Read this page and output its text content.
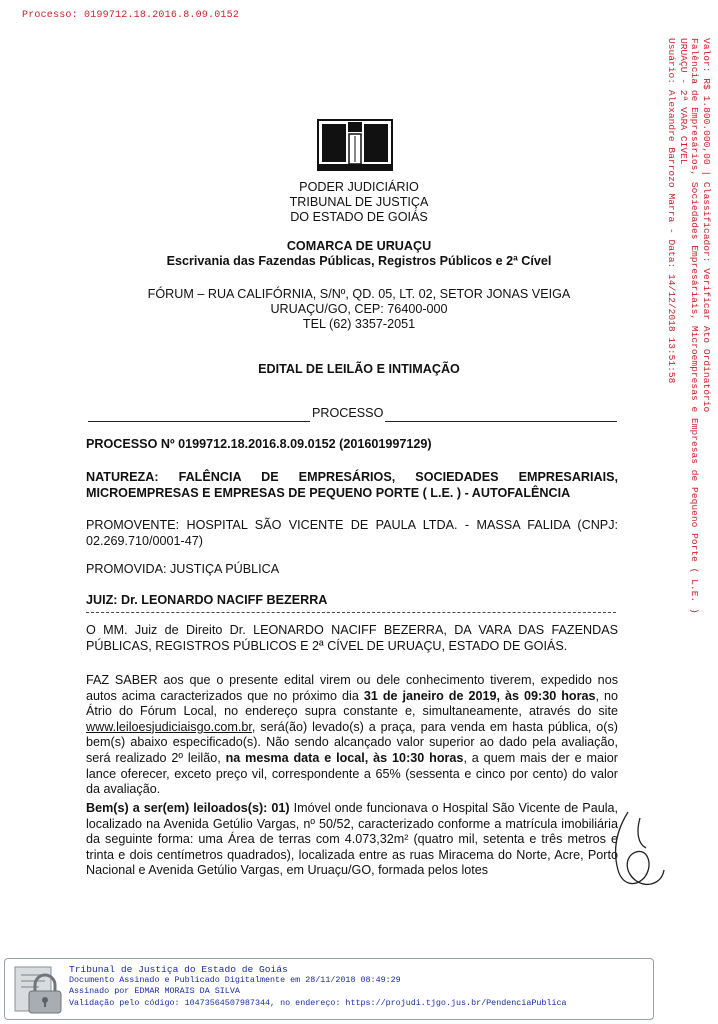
Processo: 0199712.18.2016.8.09.0152
Valor: R$ 1.800.000,00 | Classificador: Verificar Ato Ordinatório
Falência de Empresários, Sociedades Empresáriais, Microempresas e Empresas de Pequeno Porte ( L.E. )
URUAÇU - 2ª VARA CIVEL
Usuário: Alexandre Barrozo Marra - Data: 14/12/2018 13:51:58
PODER JUDICIÁRIO
TRIBUNAL DE JUSTIÇA
DO ESTADO DE GOIÁS
COMARCA DE URUAÇU
Escrivania das Fazendas Públicas, Registros Públicos e 2ª Cível
FÓRUM – RUA CALIFÓRNIA, S/Nº, QD. 05, LT. 02, SETOR JONAS VEIGA
URUAÇU/GO, CEP: 76400-000
TEL (62) 3357-2051
EDITAL DE LEILÃO E INTIMAÇÃO
PROCESSO
PROCESSO Nº 0199712.18.2016.8.09.0152 (201601997129)
NATUREZA: FALÊNCIA DE EMPRESÁRIOS, SOCIEDADES EMPRESARIAIS, MICROEMPRESAS E EMPRESAS DE PEQUENO PORTE ( L.E. ) - AUTOFALÊNCIA
PROMOVENTE: HOSPITAL SÃO VICENTE DE PAULA LTDA. - MASSA FALIDA (CNPJ: 02.269.710/0001-47)
PROMOVIDA: JUSTIÇA PÚBLICA
JUIZ: Dr. LEONARDO NACIFF BEZERRA
O MM. Juiz de Direito Dr. LEONARDO NACIFF BEZERRA, DA VARA DAS FAZENDAS PÚBLICAS, REGISTROS PÚBLICOS E 2ª CÍVEL DE URUAÇU, ESTADO DE GOIÁS.
FAZ SABER aos que o presente edital virem ou dele conhecimento tiverem, expedido nos autos acima caracterizados que no próximo dia 31 de janeiro de 2019, às 09:30 horas, no Átrio do Fórum Local, no endereço supra constante e, simultaneamente, através do site www.leiloesjudiciaisgo.com.br, será(ão) levado(s) a praça, para venda em hasta pública, o(s) bem(s) abaixo especificado(s). Não sendo alcançado valor superior ao dado pela avaliação, será realizado 2º leilão, na mesma data e local, às 10:30 horas, a quem mais der e maior lance oferecer, exceto preço vil, correspondente a 65% (sessenta e cinco por cento) do valor da avaliação.
Bem(s) a ser(em) leiloados(s): 01) Imóvel onde funcionava o Hospital São Vicente de Paula, localizado na Avenida Getúlio Vargas, nº 50/52, caracterizado conforme a matrícula imobiliária da seguinte forma: uma Área de terras com 4.073,32m² (quatro mil, setenta e três metros e trinta e dois centímetros quadrados), localizada entre as ruas Miracema do Norte, Acre, Porto Nacional e Avenida Getúlio Vargas, em Uruaçu/GO, formada pelos lotes
Tribunal de Justiça do Estado de Goiás
Documento Assinado e Publicado Digitalmente em 28/11/2018 08:49:29
Assinado por EDMAR MORAIS DA SILVA
Validação pelo código: 10473564507987344, no endereço: https://projudi.tjgo.jus.br/PendenciaPublica
